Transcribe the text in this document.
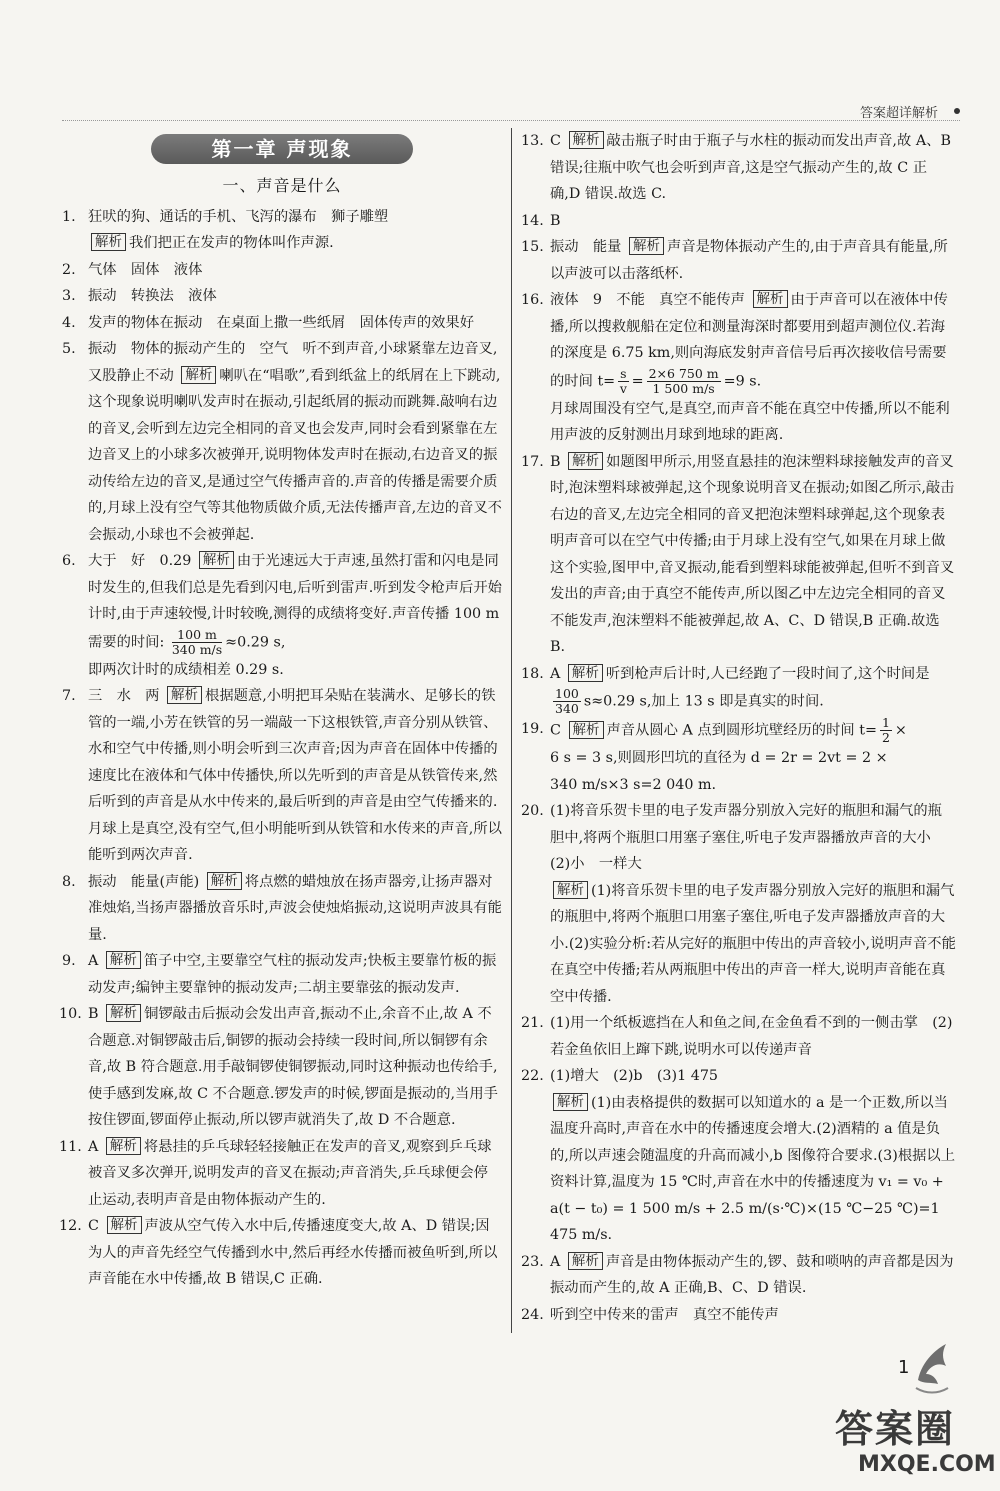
答案超详解析
第一章 声现象
一、声音是什么
1. 狂吠的狗、通话的手机、飞泻的瀑布　狮子雕塑
解析 我们把正在发声的物体叫作声源.
2. 气体　固体　液体
3. 振动　转换法　液体
4. 发声的物体在振动　在桌面上撒一些纸屑　固体传声的效果好
5. 振动　物体的振动产生的　空气　听不到声音,小球紧靠左边音叉,又股静止不动 解析 喇叭在“唱歌”,看到纸盆上的纸屑在上下跳动,这个现象说明喇叭发声时在振动,引起纸屑的振动而跳舞.敲响右边的音叉,会听到左边完全相同的音叉也会发声,同时会看到紧靠在左边音叉上的小球多次被弹开,说明物体发声时在振动,右边音叉的振动传给左边的音叉,是通过空气传播声音的.声音的传播是需要介质的,月球上没有空气等其他物质做介质,无法传播声音,左边的音叉不会振动,小球也不会被弹起.
6. 大于　好　0.29 解析 由于光速远大于声速,虽然打雷和闪电是同时发生的,但我们总是先看到闪电,后听到雷声.听到发令枪声后开始计时,由于声速较慢,计时较晚,测得的成绩将变好.声音传播 100 m 需要的时间: $\frac{100 m}{340 m/s} \approx 0.29$ s,
即两次计时的成绩相差 0.29 s.
7. 三　水　两 解析 根据题意,小明把耳朵贴在装满水、足够长的铁管的一端,小芳在铁管的另一端敲一下这根铁管,声音分别从铁管、水和空气中传播,则小明会听到三次声音;因为声音在固体中传播的速度比在液体和气体中传播快,所以先听到的声音是从铁管传来,然后听到的声音是从水中传来的,最后听到的声音是由空气传播来的.月球上是真空,没有空气,但小明能听到从铁管和水传来的声音,所以能听到两次声音.
8. 振动　能量(声能) 解析 将点燃的蜡烛放在扬声器旁,让扬声器对准烛焰,当扬声器播放音乐时,声波会使烛焰振动,这说明声波具有能量.
9. A 解析 笛子中空,主要靠空气柱的振动发声;快板主要靠竹板的振动发声;编钟主要靠钟的振动发声;二胡主要靠弦的振动发声.
10. B 解析 铜锣敲击后振动会发出声音,振动不止,余音不止,故 A 不合题意.对铜锣敲击后,铜锣的振动会持续一段时间,所以铜锣有余音,故 B 符合题意.用手敲铜锣使铜锣振动,同时这种振动也传给手,使手感到发麻,故 C 不合题意.锣发声的时候,锣面是振动的,当用手按住锣面,锣面停止振动,所以锣声就消失了,故 D 不合题意.
11. A 解析 将悬挂的乒乓球轻轻接触正在发声的音叉,观察到乒乓球被音叉多次弹开,说明发声的音叉在振动;声音消失,乒乓球便会停止运动,表明声音是由物体振动产生的.
12. C 解析 声波从空气传入水中后,传播速度变大,故 A、D 错误;因为人的声音先经空气传播到水中,然后再经水传播而被鱼听到,所以声音能在水中传播,故 B 错误,C 正确.
13. C 解析 敲击瓶子时由于瓶子与水柱的振动而发出声音,故 A、B 错误;往瓶中吹气也会听到声音,这是空气振动产生的,故 C 正确,D 错误.故选 C.
14. B
15. 振动　能量 解析 声音是物体振动产生的,由于声音具有能量,所以声波可以击落纸杯.
16. 液体　9　不能　真空不能传声 解析 由于声音可以在液体中传播,所以搜救舰船在定位和测量海深时都要用到超声测位仪.若海的深度是 6.75 km,则向海底发射声音信号后再次接收信号需要的时间 $t= \frac{s}{v} = \frac{2\times 6 750 m}{1 500 m/s} =9$ s.
月球周围没有空气,是真空,而声音不能在真空中传播,所以不能利用声波的反射测出月球到地球的距离.
17. B 解析 如题图甲所示,用竖直悬挂的泡沫塑料球接触发声的音叉时,泡沫塑料球被弹起,这个现象说明音叉在振动;如图乙所示,敲击右边的音叉,左边完全相同的音叉把泡沫塑料球弹起,这个现象表明声音可以在空气中传播;由于月球上没有空气,如果在月球上做这个实验,图甲中,音叉振动,能看到塑料球能被弹起,但听不到音叉发出的声音;由于真空不能传声,所以图乙中左边完全相同的音叉不能发声,泡沫塑料不能被弹起,故 A、C、D 错误,B 正确.故选 B.
18. A 解析 听到枪声后计时,人已经跑了一段时间了,这个时间是
$\frac{100}{340} s\approx 0.29$ s,加上 13 s 即是真实的时间.
19. C 解析 声音从圆心 A 点到圆形坑壁经历的时间 $t= \frac{1}{2}$ ×
6 s = 3 s,则圆形凹坑的直径为 d = 2r = 2vt = 2 ×
340 m/s×3 s=2 040 m.
20. (1)将音乐贺卡里的电子发声器分别放入完好的瓶胆和漏气的瓶胆中,将两个瓶胆口用塞子塞住,听电子发声器播放声音的大小　(2)小　一样大
解析 (1)将音乐贺卡里的电子发声器分别放入完好的瓶胆和漏气的瓶胆中,将两个瓶胆口用塞子塞住,听电子发声器播放声音的大小.(2)实验分析:若从完好的瓶胆中传出的声音较小,说明声音不能在真空中传播;若从两瓶胆中传出的声音一样大,说明声音能在真空中传播.
21. (1)用一个纸板遮挡在人和鱼之间,在金鱼看不到的一侧击掌　(2)若金鱼依旧上蹿下跳,说明水可以传递声音
22. (1)增大　(2)b　(3)1 475
解析 (1)由表格提供的数据可以知道水的 a 是一个正数,所以当温度升高时,声音在水中的传播速度会增大.(2)酒精的 a 值是负的,所以声速会随温度的升高而减小,b 图像符合要求.(3)根据以上资料计算,温度为 15 ℃时,声音在水中的传播速度为 v₁ = v₀ + a(t − t₀) = 1 500 m/s + 2.5 m/(s·℃)×(15 ℃−25 ℃)=1 475 m/s.
23. A 解析 声音是由物体振动产生的,锣、鼓和唢呐的声音都是因为振动而产生的,故 A 正确,B、C、D 错误.
24. 听到空中传来的雷声　真空不能传声
1
答案圈
MXQE.COM
